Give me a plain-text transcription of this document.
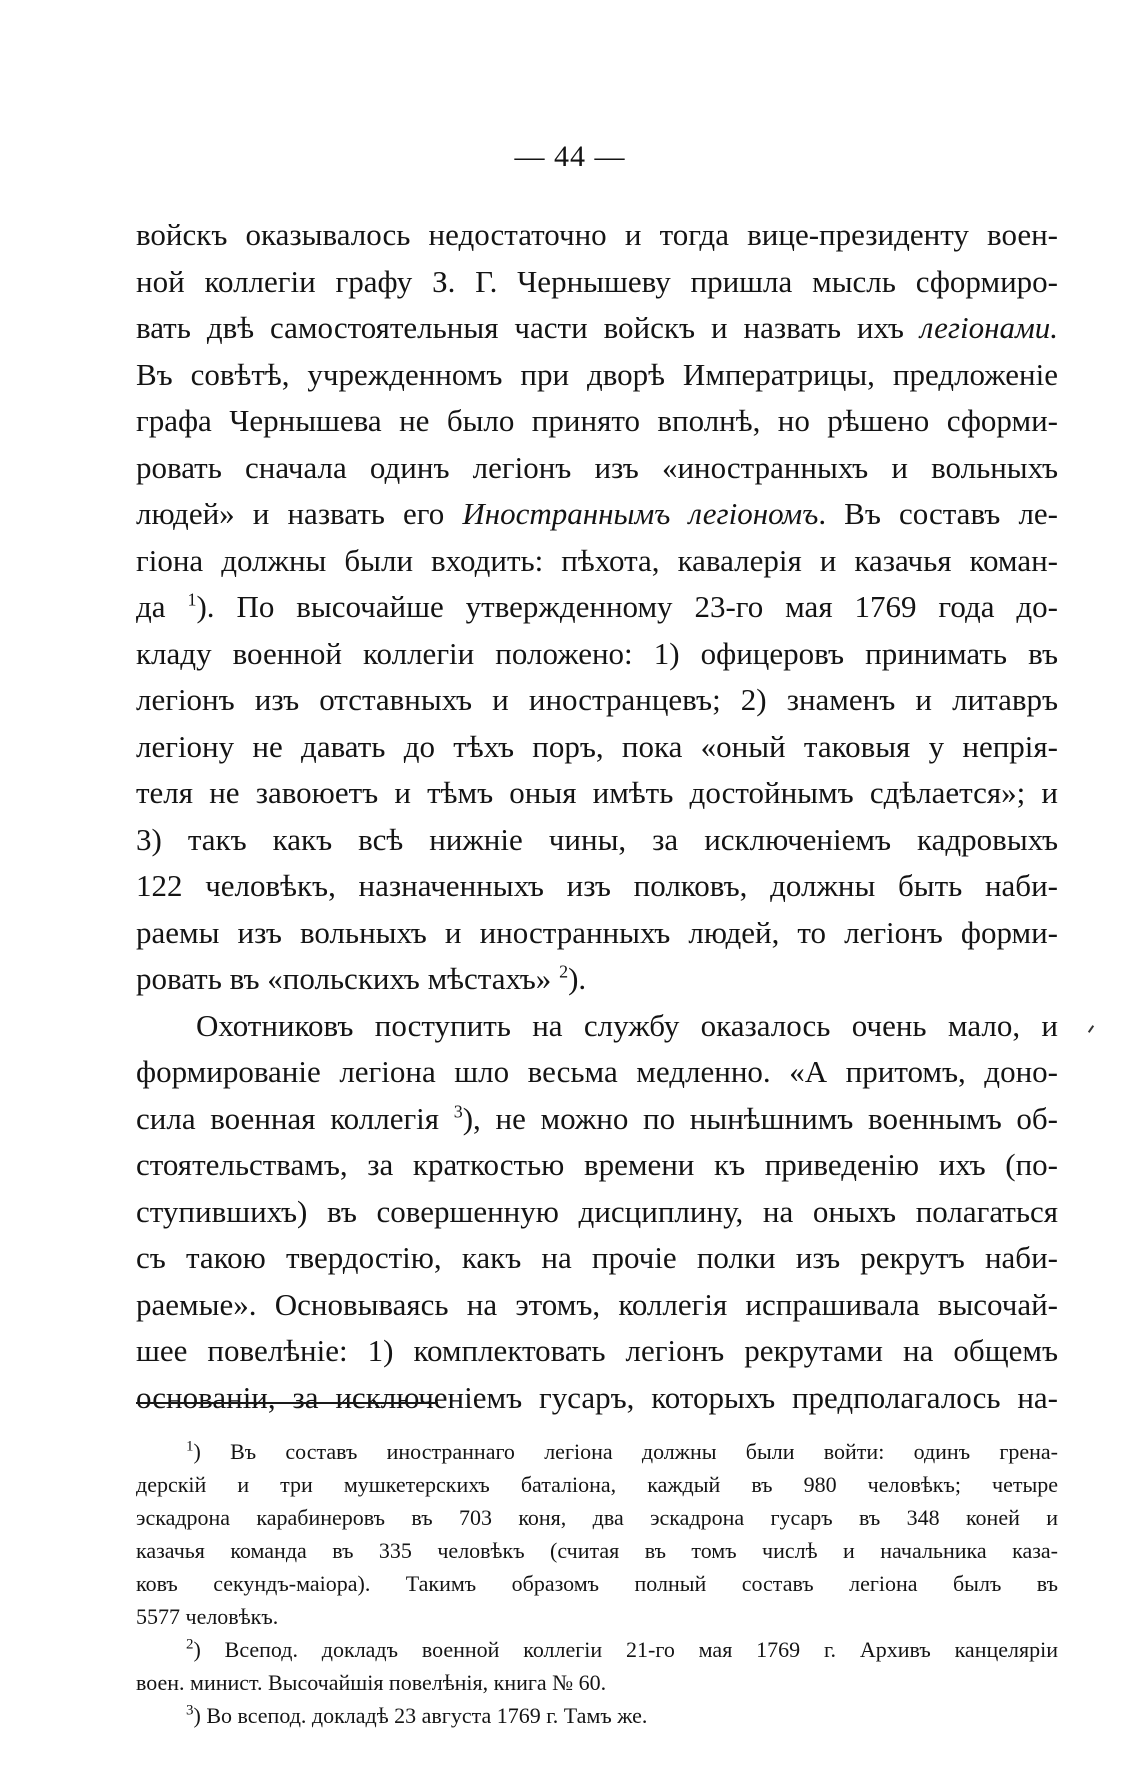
— 44 —
войскъ оказывалось недостаточно и тогда вице-президенту воен-
ной коллегіи графу З. Г. Чернышеву пришла мысль сформиро-
вать двѣ самостоятельныя части войскъ и назвать ихъ легіонами.
Въ совѣтѣ, учрежденномъ при дворѣ Императрицы, предложеніе
графа Чернышева не было принято вполнѣ, но рѣшено сформи-
ровать сначала одинъ легіонъ изъ «иностранныхъ и вольныхъ
людей» и назвать его Иностраннымъ легіономъ. Въ составъ ле-
гіона должны были входить: пѣхота, кавалерія и казачья коман-
да $^1$). По высочайше утвержденному 23-го мая 1769 года до-
кладу военной коллегіи положено: 1) офицеровъ принимать въ
легіонъ изъ отставныхъ и иностранцевъ; 2) знаменъ и литавръ
легіону не давать до тѣхъ поръ, пока «оный таковыя у непрія-
теля не завоюетъ и тѣмъ оныя имѣть достойнымъ сдѣлается»; и
3) такъ какъ всѣ нижніе чины, за исключеніемъ кадровыхъ
122 человѣкъ, назначенныхъ изъ полковъ, должны быть наби-
раемы изъ вольныхъ и иностранныхъ людей, то легіонъ форми-
ровать въ «польскихъ мѣстахъ» $^2$).
Охотниковъ поступить на службу оказалось очень мало, и
формированіе легіона шло весьма медленно. «А притомъ, доно-
сила военная коллегія $^3$), не можно по нынѣшнимъ военнымъ об-
стоятельствамъ, за краткостью времени къ приведенію ихъ (по-
ступившихъ) въ совершенную дисциплину, на оныхъ полагаться
съ такою твердостію, какъ на прочіе полки изъ рекрутъ наби-
раемые». Основываясь на этомъ, коллегія испрашивала высочай-
шее повелѣніе: 1) комплектовать легіонъ рекрутами на общемъ
основаніи, за исключеніемъ гусаръ, которыхъ предполагалось на-
$^1$) Въ составъ иностраннаго легіона должны были войти: одинъ грена-
дерскій и три мушкетерскихъ баталіона, каждый въ 980 человѣкъ; четыре
эскадрона карабинеровъ въ 703 коня, два эскадрона гусаръ въ 348 коней и
казачья команда въ 335 человѣкъ (считая въ томъ числѣ и начальника каза-
ковъ секундъ-маіора). Такимъ образомъ полный составъ легіона былъ въ
5577 человѣкъ.
$^2$) Всепод. докладъ военной коллегіи 21-го мая 1769 г. Архивъ канцеляріи
воен. минист. Высочайшія повелѣнія, книга № 60.
$^3$) Во всепод. докладѣ 23 августа 1769 г. Тамъ же.
